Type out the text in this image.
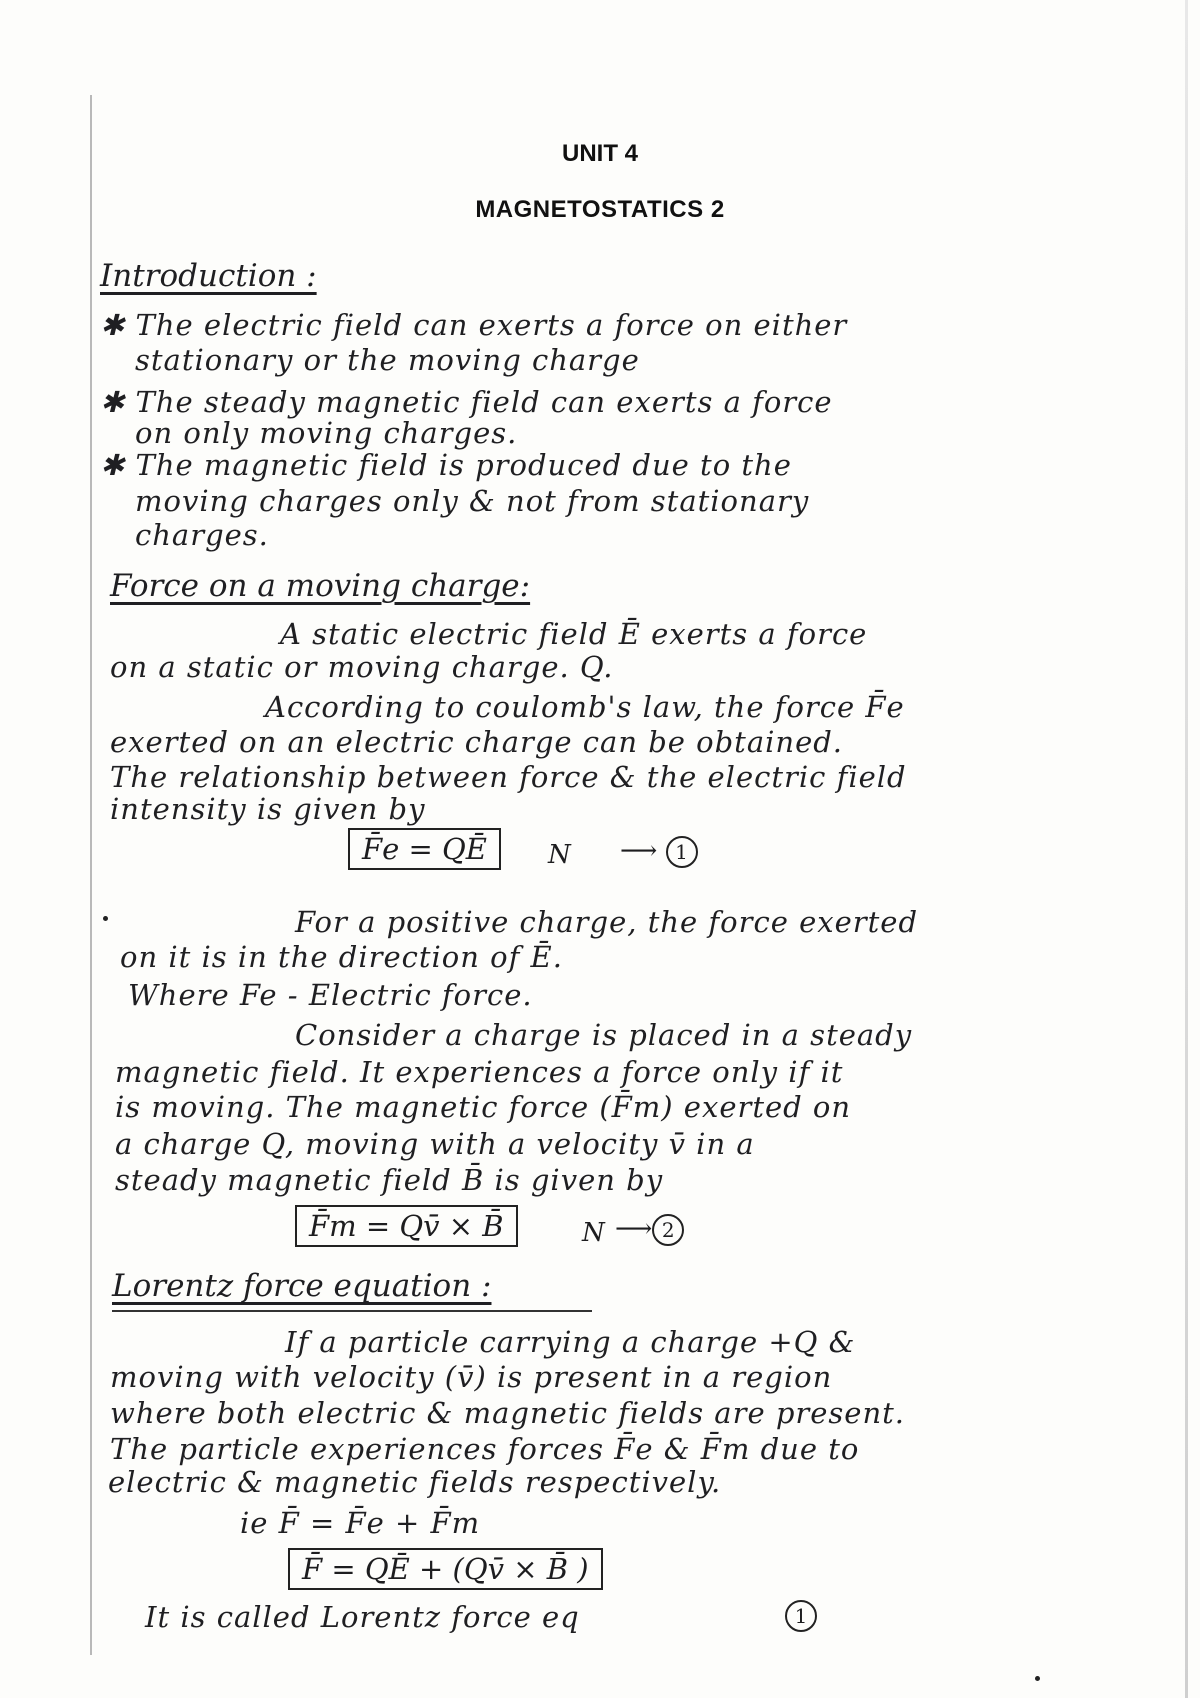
UNIT 4
MAGNETOSTATICS 2
Introduction :
✱ The electric field can exerts a force on either
stationary or the moving charge
✱ The steady magnetic field can exerts a force
on only moving charges.
✱ The magnetic field is produced due to the
moving charges only & not from stationary
charges.
Force on a moving charge:
A static electric field Ē exerts a force
on a static or moving charge. Q.
According to coulomb's law, the force F̄e
exerted on an electric charge can be obtained.
The relationship between force & the electric field
intensity is given by
F̄e = QĒ	N ⟶ 1
For a positive charge, the force exerted
on it is in the direction of Ē.
Where Fe - Electric force.
Consider a charge is placed in a steady
magnetic field. It experiences a force only if it
is moving. The magnetic force (F̄m) exerted on
a charge Q, moving with a velocity v̄ in a
steady magnetic field B̄ is given by
F̄m = Qv̄ × B̄	N ⟶ 2
Lorentz force equation :
If a particle carrying a charge +Q &
moving with velocity (v̄) is present in a region
where both electric & magnetic fields are present.
The particle experiences forces F̄e & F̄m due to
electric & magnetic fields respectively.
ie F̄ = F̄e + F̄m
F̄ = QĒ + (Qv̄ × B̄ )
It is called Lorentz force eq	1
